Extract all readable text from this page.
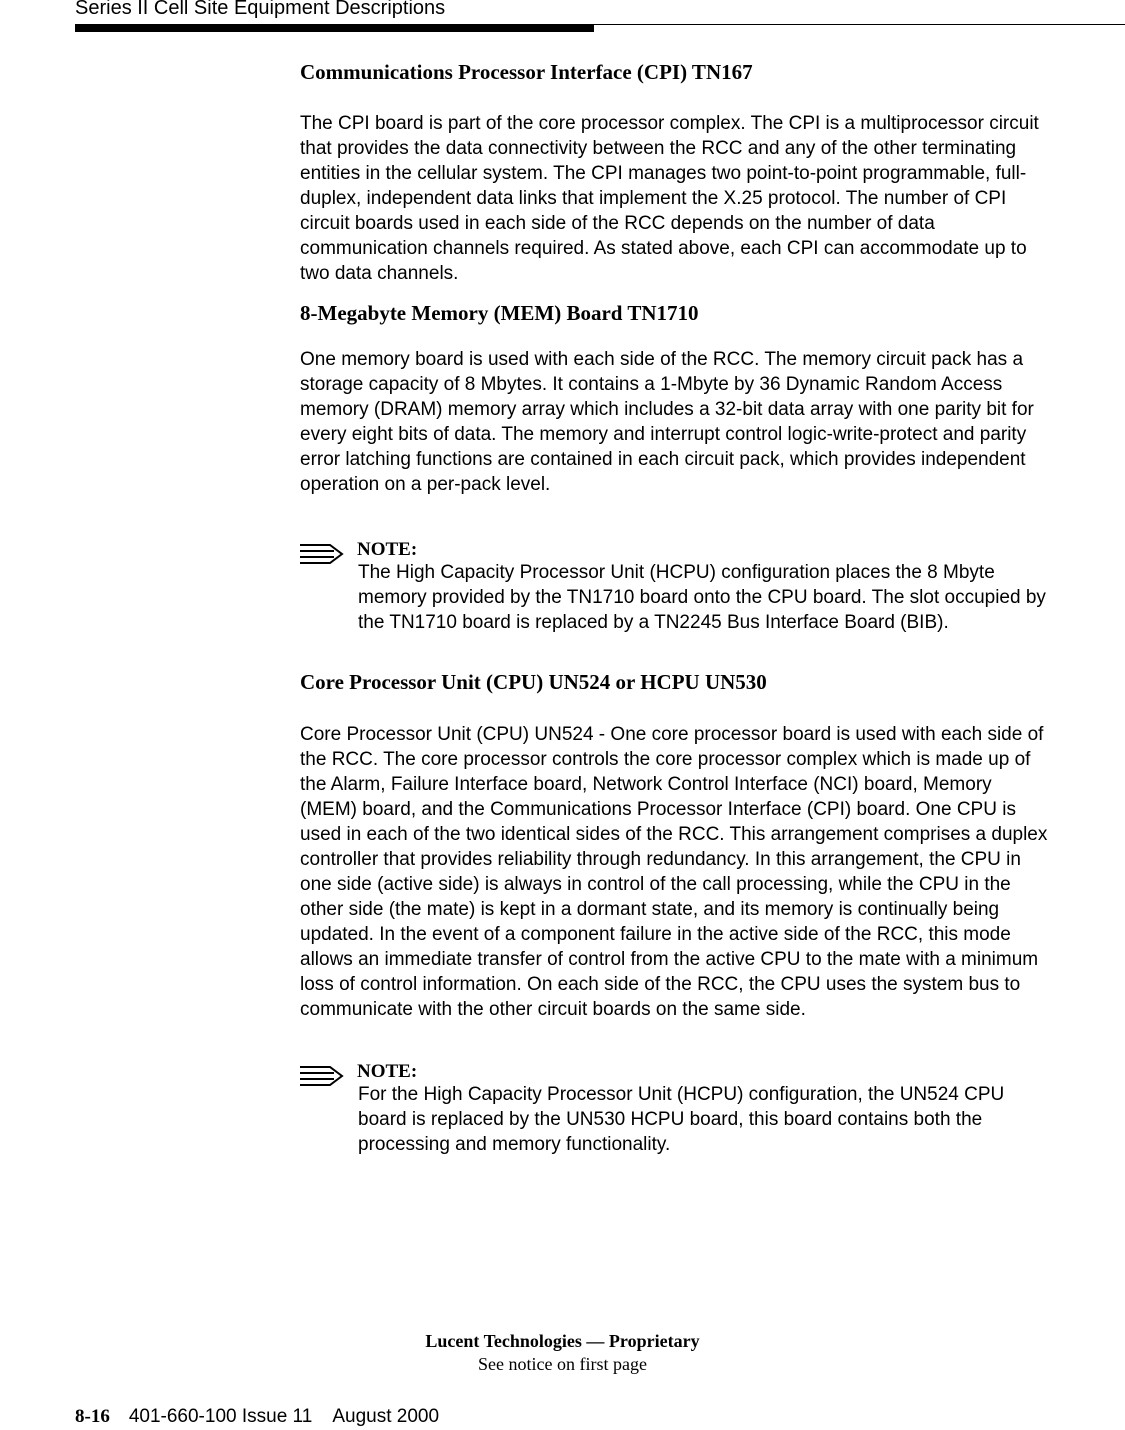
Series II Cell Site Equipment Descriptions
Communications Processor Interface (CPI) TN167

The CPI board is part of the core processor complex. The CPI is a multiprocessor circuit that provides the data connectivity between the RCC and any of the other terminating entities in the cellular system. The CPI manages two point-to-point programmable, full-duplex, independent data links that implement the X.25 protocol. The number of CPI circuit boards used in each side of the RCC depends on the number of data communication channels required. As stated above, each CPI can accommodate up to two data channels.

8-Megabyte Memory (MEM) Board TN1710

One memory board is used with each side of the RCC. The memory circuit pack has a storage capacity of 8 Mbytes. It contains a 1-Mbyte by 36 Dynamic Random Access memory (DRAM) memory array which includes a 32-bit data array with one parity bit for every eight bits of data. The memory and interrupt control logic-write-protect and parity error latching functions are contained in each circuit pack, which provides independent operation on a per-pack level.

NOTE:

The High Capacity Processor Unit (HCPU) configuration places the 8 Mbyte memory provided by the TN1710 board onto the CPU board. The slot occupied by the TN1710 board is replaced by a TN2245 Bus Interface Board (BIB).

Core Processor Unit (CPU) UN524 or HCPU UN530

Core Processor Unit (CPU) UN524 - One core processor board is used with each side of the RCC. The core processor controls the core processor complex which is made up of the Alarm, Failure Interface board, Network Control Interface (NCI) board, Memory (MEM) board, and the Communications Processor Interface (CPI) board. One CPU is used in each of the two identical sides of the RCC. This arrangement comprises a duplex controller that provides reliability through redundancy. In this arrangement, the CPU in one side (active side) is always in control of the call processing, while the CPU in the other side (the mate) is kept in a dormant state, and its memory is continually being updated. In the event of a component failure in the active side of the RCC, this mode allows an immediate transfer of control from the active CPU to the mate with a minimum loss of control information. On each side of the RCC, the CPU uses the system bus to communicate with the other circuit boards on the same side.

NOTE:

For the High Capacity Processor Unit (HCPU) configuration, the UN524 CPU board is replaced by the UN530 HCPU board, this board contains both the processing and memory functionality.

Lucent Technologies — Proprietary
See notice on first page
8-16 401-660-100 Issue 11    August 2000
